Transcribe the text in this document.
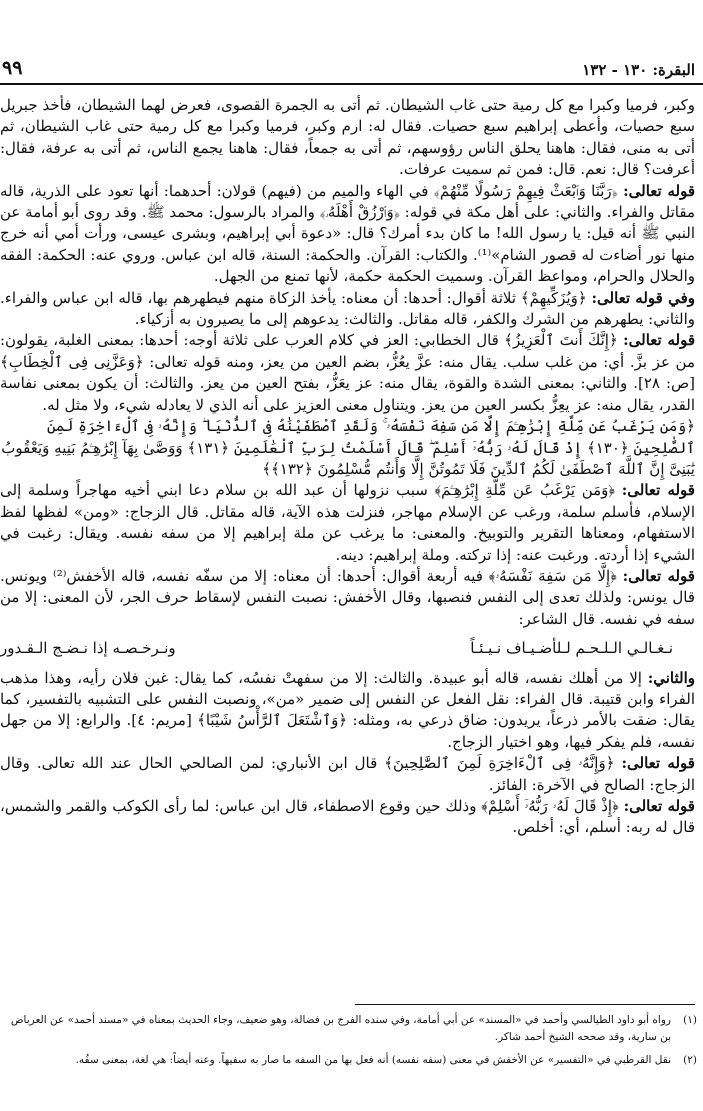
البقرة: ١٣٠ - ١٣٢
٩٩
وكبر، فرميا وكبرا مع كل رمية حتى غاب الشيطان. ثم أتى به الجمرة القصوى، فعرض لهما الشيطان، فأخذ جبريل سبع حصيات، وأعطى إبراهيم سبع حصيات. فقال له: ارم وكبر، فرميا وكبرا مع كل رمية حتى غاب الشيطان، ثم أتى به منى، فقال: هاهنا يحلق الناس رؤوسهم، ثم أتى به جمعاً، فقال: هاهنا يجمع الناس، ثم أتى به عرفة، فقال: أعرفت؟ قال: نعم. قال: فمن ثم سميت عرفات.
قوله تعالى: ﴿رَبَّنَا وَٱبْعَثْ فِيهِمْ رَسُولًا مِّنْهُمْ﴾ في الهاء والميم من (فيهم) قولان: أحدهما: أنها تعود على الذرية، قاله مقاتل والفراء. والثاني: على أهل مكة في قوله: ﴿وَٱرْزُقْ أَهْلَهُۥ﴾ والمراد بالرسول: محمد ﷺ. وقد روى أبو أمامة عن النبي ﷺ أنه قيل: يا رسول الله! ما كان بدء أمرك؟ قال: «دعوة أبي إبراهيم، وبشرى عيسى، ورأت أمي أنه خرج منها نور أضاءت له قصور الشام»⁽¹⁾. والكتاب: القرآن. والحكمة: السنة، قاله ابن عباس. وروي عنه: الحكمة: الفقه والحلال والحرام، ومواعظ القرآن. وسميت الحكمة حكمة، لأنها تمنع من الجهل.
وفي قوله تعالى: ﴿وَيُزَكِّيهِمْ﴾ ثلاثة أقوال: أحدها: أن معناه: يأخذ الزكاة منهم فيطهرهم بها، قاله ابن عباس والفراء. والثاني: يطهرهم من الشرك والكفر، قاله مقاتل. والثالث: يدعوهم إلى ما يصيرون به أزكياء.
قوله تعالى: ﴿إِنَّكَ أَنتَ ٱلْعَزِيزُ﴾ قال الخطابي: العز في كلام العرب على ثلاثة أوجه: أحدها: بمعنى الغلبة، يقولون: من عز بزَّ. أي: من غلب سلب. يقال منه: عزَّ يعُزُّ، بضم العين من يعز، ومنه قوله تعالى: ﴿وَعَزَّنِى فِى ٱلْخِطَابِ﴾ [ص: ٢٨]. والثاني: بمعنى الشدة والقوة، يقال منه: عز يعَزُّ، بفتح العين من يعز. والثالث: أن يكون بمعنى نفاسة القدر، يقال منه: عز يعِزُّ بكسر العين من يعز. ويتناول معنى العزيز على أنه الذي لا يعادله شيء، ولا مثل له.
﴿وَمَن يَرْغَبُ عَن مِّلَّةِ إِبْرَٰهِـۧمَ إِلَّا مَن سَفِهَ نَفْسَهُۥ ۚ وَلَقَدِ ٱصْطَفَيْنَٰهُ فِى ٱلدُّنْيَا ۖ وَإِنَّهُۥ فِى ٱلْءَاخِرَةِ لَمِنَ ٱلصَّٰلِحِينَ ﴿١٣٠﴾ إِذْ قَالَ لَهُۥ رَبُّهُۥٓ أَسْلِمْ ۖ قَالَ أَسْلَمْتُ لِرَبِّ ٱلْعَٰلَمِينَ ﴿١٣١﴾ وَوَصَّىٰ بِهَآ إِبْرَٰهِـۧمُ بَنِيهِ وَيَعْقُوبُ يَٰبَنِىَّ إِنَّ ٱللَّهَ ٱصْطَفَىٰ لَكُمُ ٱلدِّينَ فَلَا تَمُوتُنَّ إِلَّا وَأَنتُم مُّسْلِمُونَ ﴿١٣٢﴾﴾
قوله تعالى: ﴿وَمَن يَرْغَبُ عَن مِّلَّةِ إِبْرَٰهِـۧمَ﴾ سبب نزولها أن عبد الله بن سلام دعا ابني أخيه مهاجراً وسلمة إلى الإسلام، فأسلم سلمة، ورغب عن الإسلام مهاجر، فنزلت هذه الآية، قاله مقاتل. قال الزجاج: «ومن» لفظها لفظ الاستفهام، ومعناها التقرير والتوبيخ. والمعنى: ما يرغب عن ملة إبراهيم إلا من سفه نفسه. ويقال: رغبت في الشيء إذا أردته. ورغبت عنه: إذا تركته. وملة إبراهيم: دينه.
قوله تعالى: ﴿إِلَّا مَن سَفِهَ نَفْسَهُۥ﴾ فيه أربعة أقوال: أحدها: أن معناه: إلا من سفّه نفسه، قاله الأخفش⁽²⁾ ويونس. قال يونس: ولذلك تعدى إلى النفس فنصبها، وقال الأخفش: نصبت النفس لإسقاط حرف الجر، لأن المعنى: إلا من سفه في نفسه. قال الشاعر:
نـغـالـي الـلـحـم لـلأضـيـاف نـيـئـاً
ونـرخـصـه إذا نـضـج الـقـدور
والثاني: إلا من أهلك نفسه، قاله أبو عبيدة. والثالث: إلا من سفهتْ نفسُه، كما يقال: غبن فلان رأيه، وهذا مذهب الفراء وابن قتيبة. قال الفراء: نقل الفعل عن النفس إلى ضمير «من»، ونصبت النفس على التشبيه بالتفسير، كما يقال: ضقت بالأمر ذرعاً، يريدون: ضاق ذرعي به، ومثله: ﴿وَٱشْتَعَلَ ٱلرَّأْسُ شَيْبًا﴾ [مريم: ٤]. والرابع: إلا من جهل نفسه، فلم يفكر فيها، وهو اختيار الزجاج.
قوله تعالى: ﴿وَإِنَّهُۥ فِى ٱلْءَاخِرَةِ لَمِنَ ٱلصَّٰلِحِينَ﴾ قال ابن الأنباري: لمن الصالحي الحال عند الله تعالى. وقال الزجاج: الصالح في الآخرة: الفائز.
قوله تعالى: ﴿إِذْ قَالَ لَهُۥ رَبُّهُۥٓ أَسْلِمْ﴾ وذلك حين وقوع الاصطفاء، قال ابن عباس: لما رأى الكوكب والقمر والشمس، قال له ربه: أسلم، أي: أخلص.
(١)
رواه أبو داود الطيالسي وأحمد في «المسند» عن أبي أمامة، وفي سنده الفرج بن فضالة، وهو ضعيف، وجاء الحديث بمعناه في «مسند أحمد» عن العرباض بن سارية، وقد صححه الشيخ أحمد شاكر.
(٢)
نقل القرطبي في «التفسير» عن الأخفش في معنى (سفه نفسه) أنه فعل بها من السفه ما صار به سفيهاً. وعنه أيضاً: هي لغة، بمعنى سفُه.
